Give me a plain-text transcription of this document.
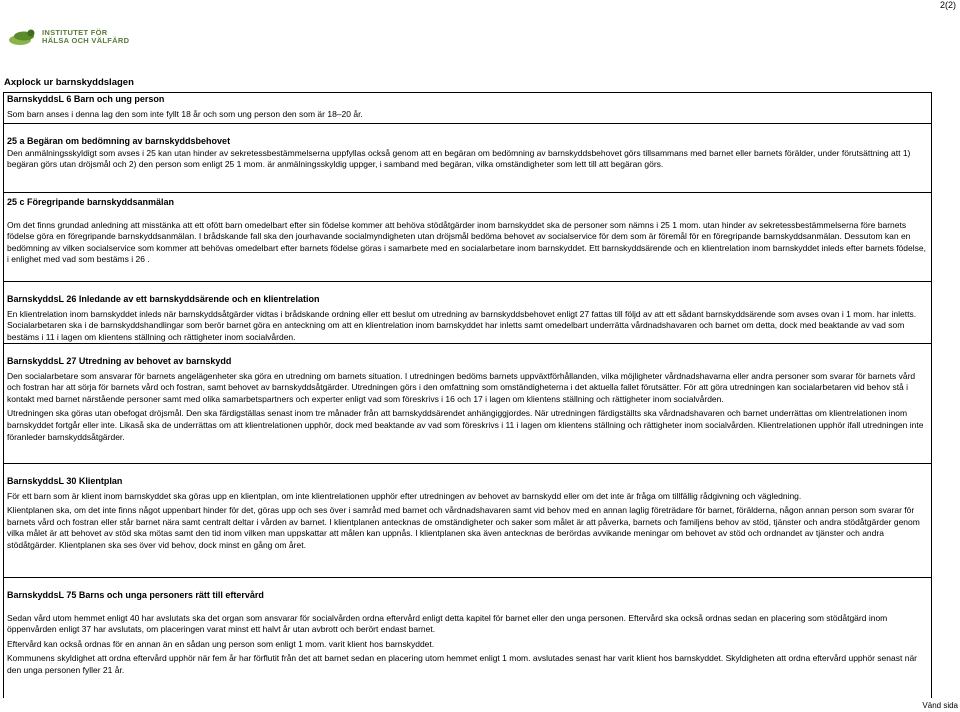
2(2)
INSTITUTET FÖR
HÄLSA OCH VÄLFÄRD
Axplock ur barnskyddslagen

BarnskyddsL 6 Barn och ung person

Som barn anses i denna lag den som inte fyllt 18 år och som ung person den som är 18–20 år.

25 a Begäran om bedömning av barnskyddsbehovet

Den anmälningsskyldigt som avses i 25 kan utan hinder av sekretessbestämmelserna uppfyllas också genom att en begäran om bedömning av barnskyddsbehovet görs tillsammans med barnet eller barnets förälder, under förutsättning att 1) begäran görs utan dröjsmål och 2) den person som enligt 25 1 mom. är anmälningsskyldig uppger, i samband med begäran, vilka omständigheter som lett till att begäran görs.

25 c Föregripande barnskyddsanmälan

Om det finns grundad anledning att misstänka att ett ofött barn omedelbart efter sin födelse kommer att behöva stödåtgärder inom barnskyddet ska de personer som nämns i 25 1 mom. utan hinder av sekretessbestämmelserna före barnets födelse göra en föregripande barnskyddsanmälan. I brådskande fall ska den jourhavande socialmyndigheten utan dröjsmål bedöma behovet av socialservice för dem som är föremål för en föregripande barnskyddsanmälan. Dessutom kan en bedömning av vilken socialservice som kommer att behövas omedelbart efter barnets födelse göras i samarbete med en socialarbetare inom barnskyddet. Ett barnskyddsärende och en klientrelation inom barnskyddet inleds efter barnets födelse, i enlighet med vad som bestäms i 26 .

BarnskyddsL 26 Inledande av ett barnskyddsärende och en klientrelation

En klientrelation inom barnskyddet inleds när barnskyddsåtgärder vidtas i brådskande ordning eller ett beslut om utredning av barnskyddsbehovet enligt 27 fattas till följd av att ett sådant barnskyddsärende som avses ovan i 1 mom. har inletts. Socialarbetaren ska i de barnskyddshandlingar som berör barnet göra en anteckning om att en klientrelation inom barnskyddet har inletts samt omedelbart underrätta vårdnadshavaren och barnet om detta, dock med beaktande av vad som bestäms i 11 i lagen om klientens ställning och rättigheter inom socialvården.

BarnskyddsL 27 Utredning av behovet av barnskydd

Den socialarbetare som ansvarar för barnets angelägenheter ska göra en utredning om barnets situation. I utredningen bedöms barnets uppväxtförhållanden, vilka möjligheter vårdnadshavarna eller andra personer som svarar för barnets vård och fostran har att sörja för barnets vård och fostran, samt behovet av barnskyddsåtgärder. Utredningen görs i den omfattning som omständigheterna i det aktuella fallet förutsätter. För att göra utredningen kan socialarbetaren vid behov stå i kontakt med barnet närstående personer samt med olika samarbetspartners och experter enligt vad som föreskrivs i 16 och 17 i lagen om klientens ställning och rättigheter inom socialvården.

Utredningen ska göras utan obefogat dröjsmål. Den ska färdigställas senast inom tre månader från att barnskyddsärendet anhängiggjordes. När utredningen färdigställts ska vårdnadshavaren och barnet underrättas om klientrelationen inom barnskyddet fortgår eller inte. Likaså ska de underrättas om att klientrelationen upphör, dock med beaktande av vad som föreskrivs i 11 i lagen om klientens ställning och rättigheter inom socialvården. Klientrelationen upphör ifall utredningen inte föranleder barnskyddsåtgärder.

BarnskyddsL 30 Klientplan

För ett barn som är klient inom barnskyddet ska göras upp en klientplan, om inte klientrelationen upphör efter utredningen av behovet av barnskydd eller om det inte är fråga om tillfällig rådgivning och vägledning.

Klientplanen ska, om det inte finns något uppenbart hinder för det, göras upp och ses över i samråd med barnet och vårdnadshavaren samt vid behov med en annan laglig företrädare för barnet, förälderna, någon annan person som svarar för barnets vård och fostran eller står barnet nära samt centralt deltar i vården av barnet. I klientplanen antecknas de omständigheter och saker som målet är att påverka, barnets och familjens behov av stöd, tjänster och andra stödåtgärder genom vilka målet är att behovet av stöd ska mötas samt den tid inom vilken man uppskattar att målen kan uppnås. I klientplanen ska även antecknas de berördas avvikande meningar om behovet av stöd och ordnandet av tjänster och andra stödåtgärder. Klientplanen ska ses över vid behov, dock minst en gång om året.

BarnskyddsL 75 Barns och unga personers rätt till eftervård

Sedan vård utom hemmet enligt 40 har avslutats ska det organ som ansvarar för socialvården ordna eftervård enligt detta kapitel för barnet eller den unga personen. Eftervård ska också ordnas sedan en placering som stödåtgärd inom öppenvården enligt 37 har avslutats, om placeringen varat minst ett halvt år utan avbrott och berört endast barnet.

Eftervård kan också ordnas för en annan än en sådan ung person som enligt 1 mom. varit klient hos barnskyddet.

Kommunens skyldighet att ordna eftervård upphör när fem år har förflutit från det att barnet sedan en placering utom hemmet enligt 1 mom. avslutades senast har varit klient hos barnskyddet. Skyldigheten att ordna eftervård upphör senast när den unga personen fyller 21 år.

Vänd sida
